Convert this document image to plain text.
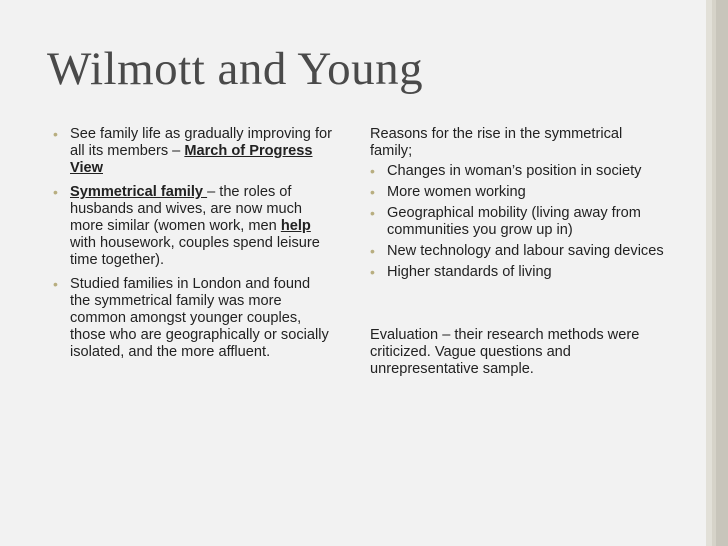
Wilmott and Young
• See family life as gradually improving for all its members – March of Progress View
• Symmetrical family – the roles of husbands and wives, are now much more similar (women work, men help with housework, couples spend leisure time together).
• Studied families in London and found the symmetrical family was more common amongst younger couples, those who are geographically or socially isolated, and the more affluent.
Reasons for the rise in the symmetrical family;
• Changes in woman’s position in society
• More women working
• Geographical mobility (living away from communities you grow up in)
• New technology and labour saving devices
• Higher standards of living
Evaluation – their research methods were criticized. Vague questions and unrepresentative sample.
